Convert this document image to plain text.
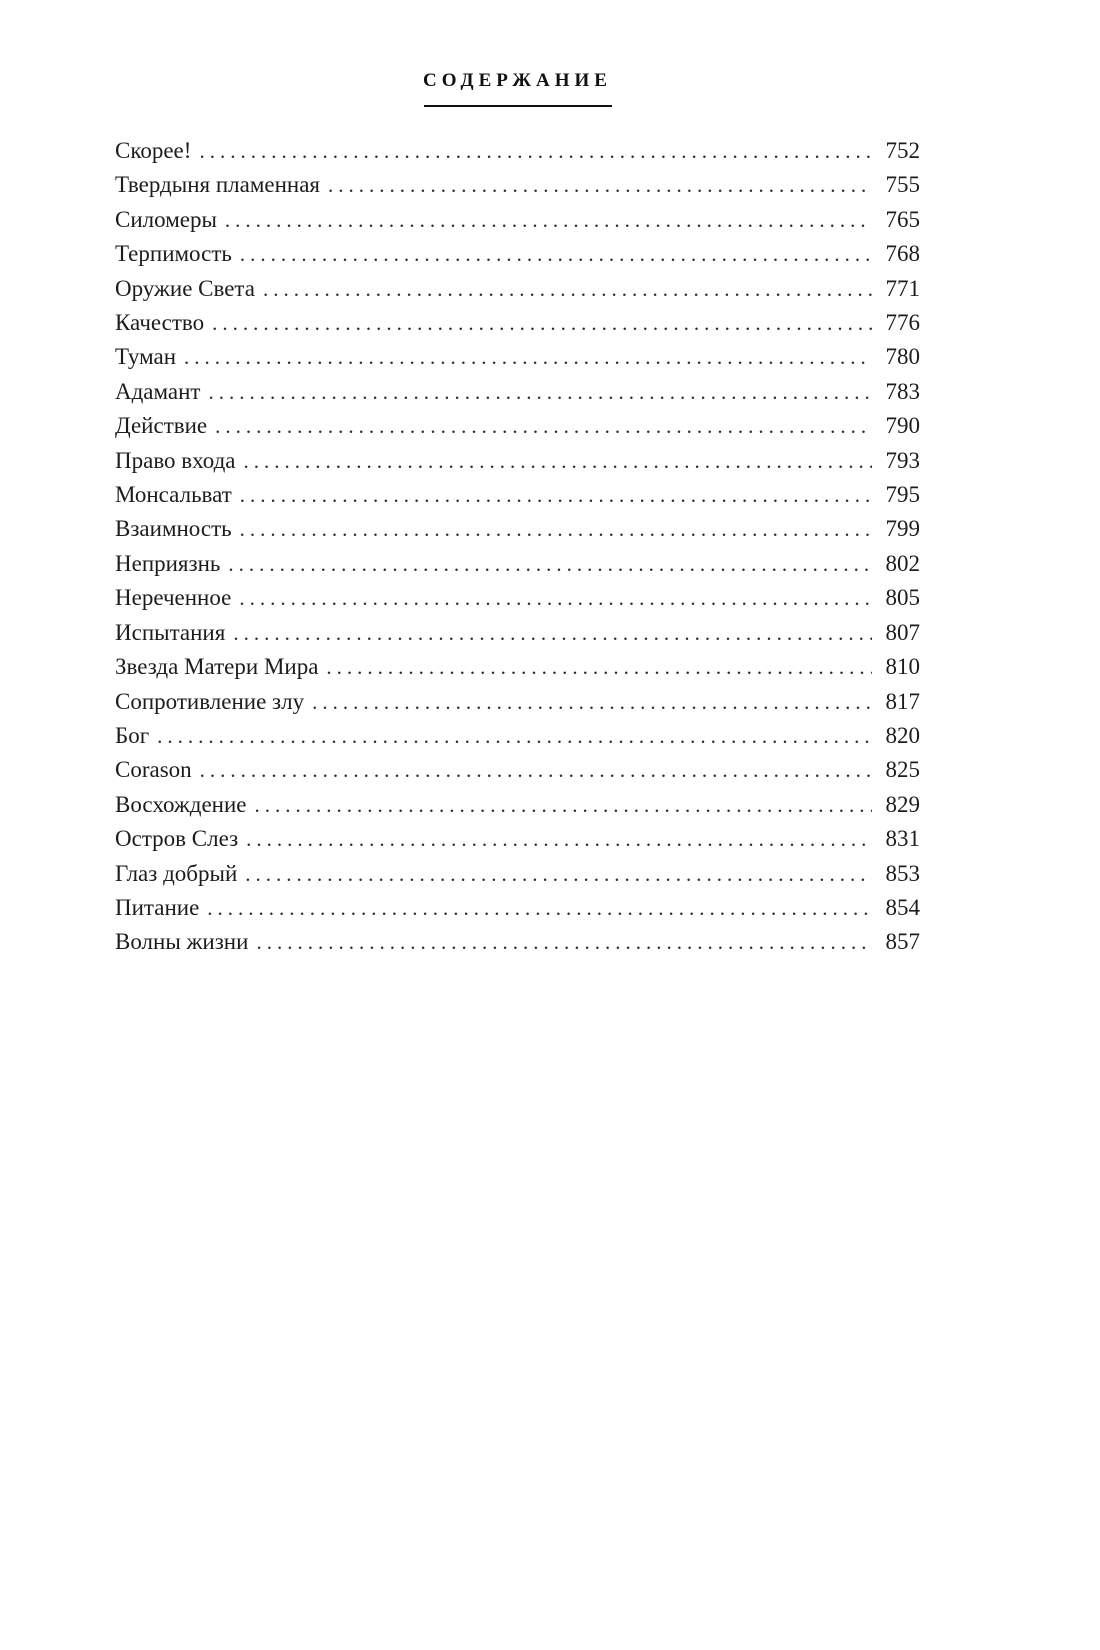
СОДЕРЖАНИЕ
Скорее! .....	752
Твердыня пламенная .....	755
Силомеры .....	765
Терпимость .....	768
Оружие Света .....	771
Качество .....	776
Туман .....	780
Адамант .....	783
Действие .....	790
Право входа .....	793
Монсальват .....	795
Взаимность .....	799
Неприязнь .....	802
Нереченное .....	805
Испытания .....	807
Звезда Матери Мира .....	810
Сопротивление злу .....	817
Бог .....	820
Corason .....	825
Восхождение .....	829
Остров Слез .....	831
Глаз добрый .....	853
Питание .....	854
Волны жизни .....	857
